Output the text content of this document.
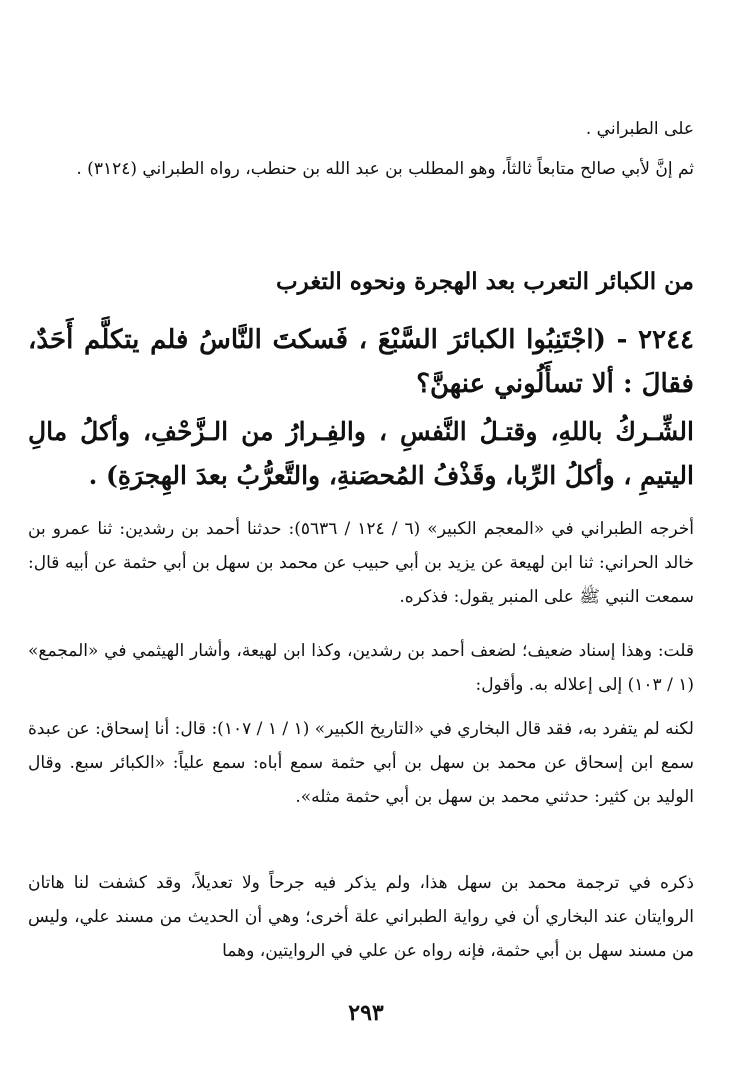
على الطبراني .

ثم إنَّ لأبي صالح متابعاً ثالثاً، وهو المطلب بن عبد الله بن حنطب، رواه الطبراني (٣١٢٤) .

من الكبائر التعرب بعد الهجرة ونحوه التغرب

٢٢٤٤ - (اجْتَنِبُوا الكبائرَ السَّبْعَ ، فَسكتَ النَّاسُ فلم يتكلَّم أَحَدٌ، فقالَ : ألا تسأَلُوني عنهنَّ؟

الشِّـركُ باللهِ، وقتـلُ النَّفسِ ، والفِـرارُ من الـزَّحْفِ، وأكلُ مالِ اليتيمِ ، وأكلُ الرِّبا، وقَذْفُ المُحصَنةِ، والتَّعرُّبُ بعدَ الهِجرَةِ) .

أخرجه الطبراني في «المعجم الكبير» (٦ / ١٢٤ / ٥٦٣٦): حدثنا أحمد بن رشدين: ثنا عمرو بن خالد الحراني: ثنا ابن لهيعة عن يزيد بن أبي حبيب عن محمد بن سهل بن أبي حثمة عن أبيه قال: سمعت النبي ﷺ على المنبر يقول: فذكره.

قلت: وهذا إسناد ضعيف؛ لضعف أحمد بن رشدين، وكذا ابن لهيعة، وأشار الهيثمي في «المجمع» (١ / ١٠٣) إلى إعلاله به. وأقول:

لكنه لم يتفرد به، فقد قال البخاري في «التاريخ الكبير» (١ / ١ / ١٠٧): قال: أنا إسحاق: عن عبدة سمع ابن إسحاق عن محمد بن سهل بن أبي حثمة سمع أباه: سمع علياً: «الكبائر سبع. وقال الوليد بن كثير: حدثني محمد بن سهل بن أبي حثمة مثله».

ذكره في ترجمة محمد بن سهل هذا، ولم يذكر فيه جرحاً ولا تعديلاً، وقد كشفت لنا هاتان الروايتان عند البخاري أن في رواية الطبراني علة أخرى؛ وهي أن الحديث من مسند علي، وليس من مسند سهل بن أبي حثمة، فإنه رواه عن علي في الروايتين، وهما

٢٩٣
